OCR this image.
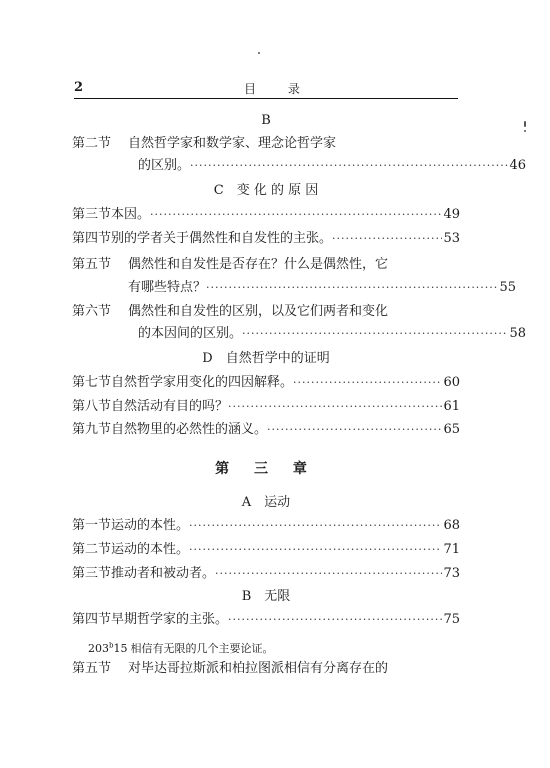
2	目 录
B
第二节 自然哲学家和数学家、理念论哲学家
的区别。 ·····	46
C　变 化 的 原 因
第三节 本因。 ·····	49
第四节 别的学者关于偶然性和自发性的主张。 ·····	53
第五节 偶然性和自发性是否存在？什么是偶然性，它
有哪些特点？ ·····	55
第六节 偶然性和自发性的区别，以及它们两者和变化
的本因间的区别。 ·····	58
D　自然哲学中的证明
第七节 自然哲学家用变化的四因解释。 ·····	60
第八节 自然活动有目的吗？ ·····	61
第九节 自然物里的必然性的涵义。 ·····	65
第 三 章
A　运动
第一节 运动的本性。 ·····	68
第二节 运动的本性。 ·····	71
第三节 推动者和被动者。 ·····	73
B　无限
第四节 早期哲学家的主张。 ·····	75
203$^b$15 相信有无限的几个主要论证。
第五节 对毕达哥拉斯派和柏拉图派相信有分离存在的
